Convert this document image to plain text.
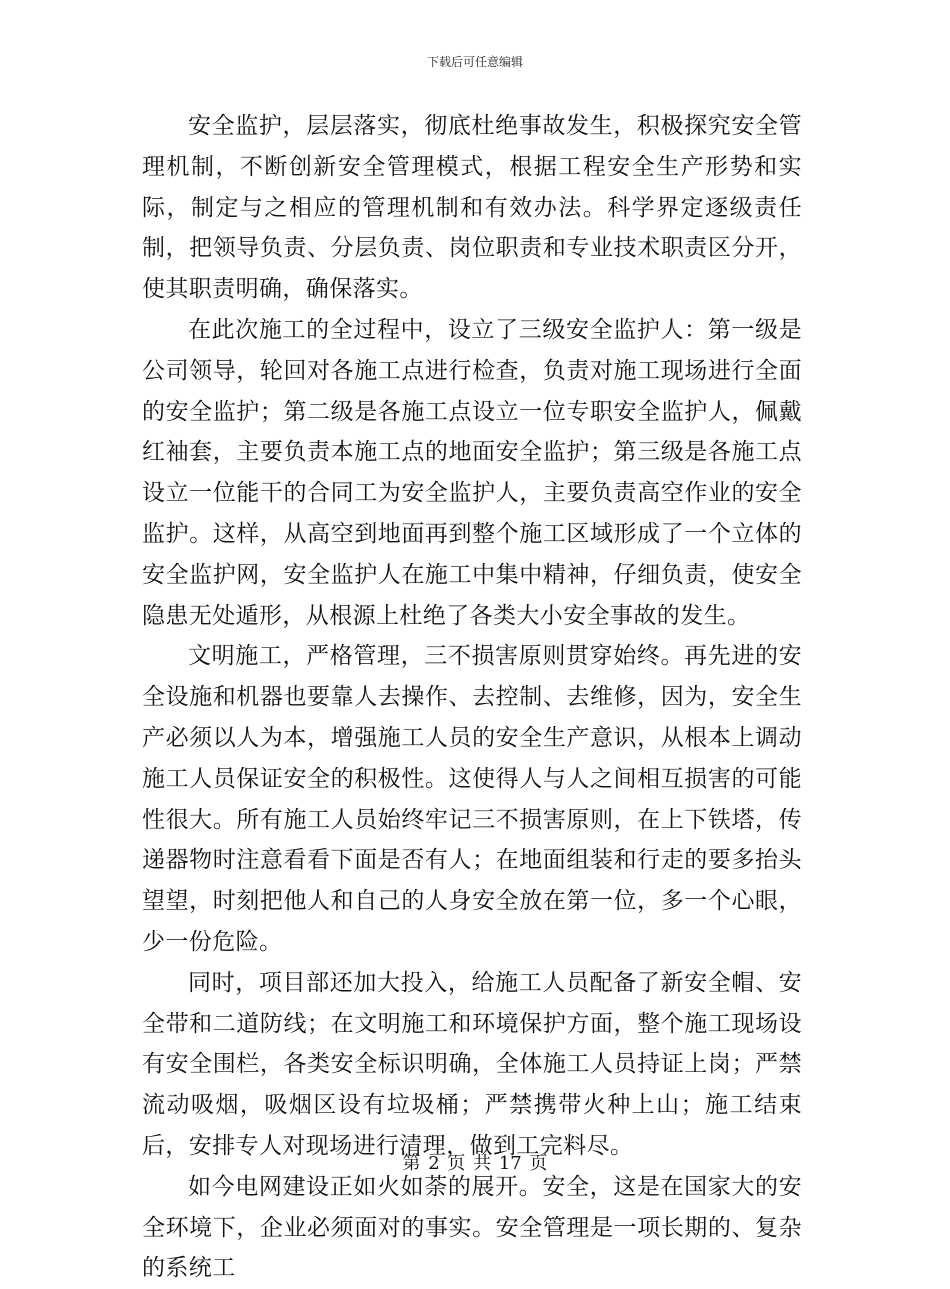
下载后可任意编辑

安全监护，层层落实，彻底杜绝事故发生，积极探究安全管理机制，不断创新安全管理模式，根据工程安全生产形势和实际，制定与之相应的管理机制和有效办法。科学界定逐级责任制，把领导负责、分层负责、岗位职责和专业技术职责区分开，使其职责明确，确保落实。

在此次施工的全过程中，设立了三级安全监护人：第一级是公司领导，轮回对各施工点进行检查，负责对施工现场进行全面的安全监护；第二级是各施工点设立一位专职安全监护人，佩戴红袖套，主要负责本施工点的地面安全监护；第三级是各施工点设立一位能干的合同工为安全监护人，主要负责高空作业的安全监护。这样，从高空到地面再到整个施工区域形成了一个立体的安全监护网，安全监护人在施工中集中精神，仔细负责，使安全隐患无处遁形，从根源上杜绝了各类大小安全事故的发生。

文明施工，严格管理，三不损害原则贯穿始终。再先进的安全设施和机器也要靠人去操作、去控制、去维修，因为，安全生产必须以人为本，增强施工人员的安全生产意识，从根本上调动施工人员保证安全的积极性。这使得人与人之间相互损害的可能性很大。所有施工人员始终牢记三不损害原则，在上下铁塔，传递器物时注意看看下面是否有人；在地面组装和行走的要多抬头望望，时刻把他人和自己的人身安全放在第一位，多一个心眼，少一份危险。

同时，项目部还加大投入，给施工人员配备了新安全帽、安全带和二道防线；在文明施工和环境保护方面，整个施工现场设有安全围栏，各类安全标识明确，全体施工人员持证上岗；严禁流动吸烟，吸烟区设有垃圾桶；严禁携带火种上山；施工结束后，安排专人对现场进行清理，做到工完料尽。

如今电网建设正如火如荼的展开。安全，这是在国家大的安全环境下，企业必须面对的事实。安全管理是一项长期的、复杂的系统工

第 2 页 共 17 页
